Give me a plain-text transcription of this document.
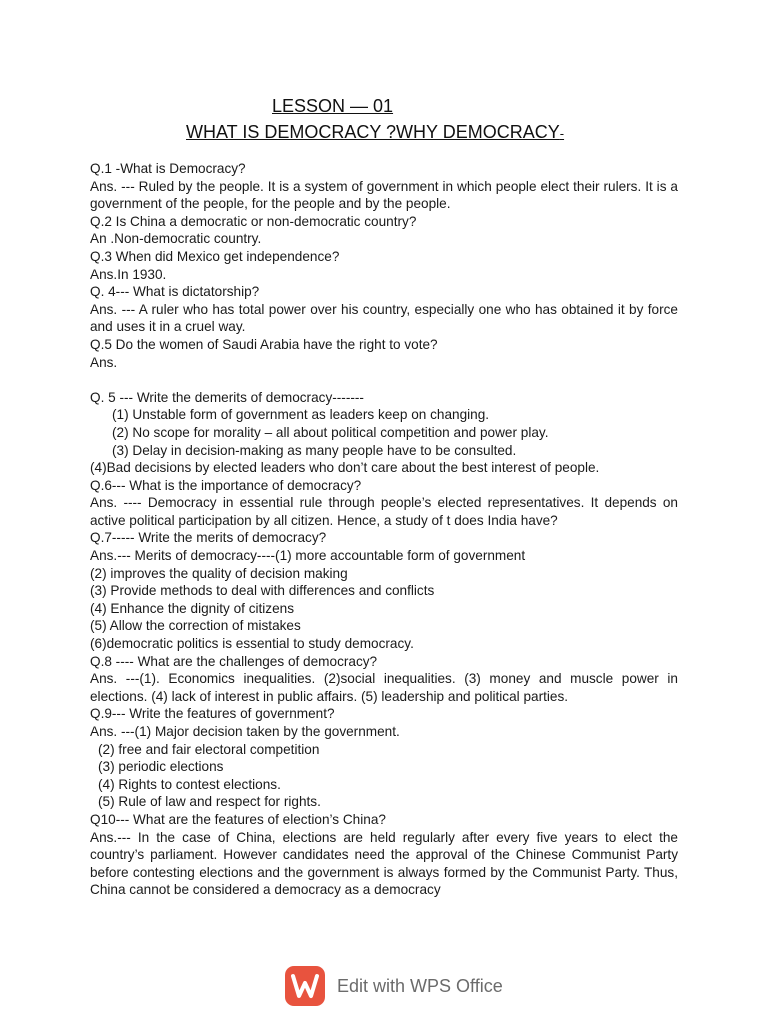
LESSON — 01
WHAT IS DEMOCRACY ?WHY DEMOCRACY-
Q.1 -What is Democracy?
Ans. --- Ruled by the people. It is a system of government in which people elect their rulers. It is a government of the people, for the people and by the people.
Q.2 Is China a democratic or non-democratic country?
An .Non-democratic country.
Q.3 When did Mexico get independence?
Ans.In 1930.
Q. 4--- What is dictatorship?
Ans. --- A ruler who has total power over his country, especially one who has obtained it by force and uses it in a cruel way.
Q.5 Do the women of Saudi Arabia have the right to vote?
Ans.
Q. 5 --- Write the demerits of democracy-------
(1) Unstable form of government as leaders keep on changing.
(2) No scope for morality – all about political competition and power play.
(3) Delay in decision-making as many people have to be consulted.
(4)Bad decisions by elected leaders who don’t care about the best interest of people.
Q.6--- What is the importance of democracy?
Ans. ---- Democracy in essential rule through people’s elected representatives. It depends on active political participation by all citizen. Hence, a study of t does India have?
Q.7----- Write the merits of democracy?
Ans.--- Merits of democracy----(1) more accountable form of government
(2) improves the quality of decision making
(3) Provide methods to deal with differences and conflicts
(4) Enhance the dignity of citizens
(5) Allow the correction of mistakes
(6)democratic politics is essential to study democracy.
Q.8 ---- What are the challenges of democracy?
Ans. ---(1). Economics inequalities. (2)social inequalities. (3) money and muscle power in elections. (4) lack of interest in public affairs. (5) leadership and political parties.
Q.9--- Write the features of government?
Ans. ---(1) Major decision taken by the government.
(2) free and fair electoral competition
(3) periodic elections
(4) Rights to contest elections.
(5) Rule of law and respect for rights.
Q10--- What are the features of election’s China?
Ans.--- In the case of China, elections are held regularly after every five years to elect the country’s parliament. However candidates need the approval of the Chinese Communist Party before contesting elections and the government is always formed by the Communist Party. Thus, China cannot be considered a democracy as a democracy
Edit with WPS Office
